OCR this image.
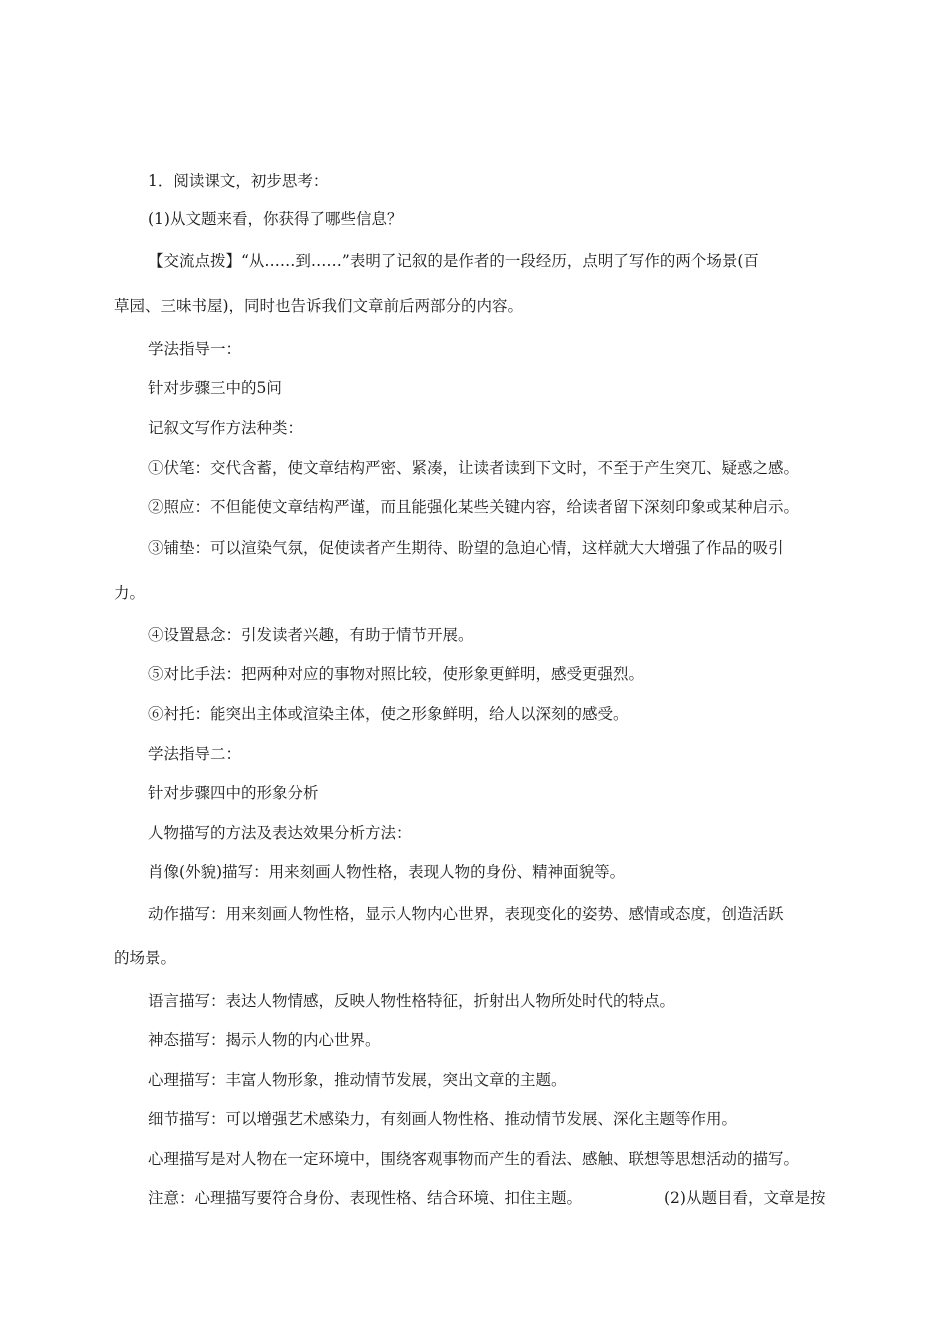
1．阅读课文，初步思考：
(1)从文题来看，你获得了哪些信息？
【交流点拨】“从……到……”表明了记叙的是作者的一段经历，点明了写作的两个场景(百
草园、三味书屋)，同时也告诉我们文章前后两部分的内容。
学法指导一：
针对步骤三中的5问
记叙文写作方法种类：
①伏笔：交代含蓄，使文章结构严密、紧凑，让读者读到下文时，不至于产生突兀、疑惑之感。
②照应：不但能使文章结构严谨，而且能强化某些关键内容，给读者留下深刻印象或某种启示。
③铺垫：可以渲染气氛，促使读者产生期待、盼望的急迫心情，这样就大大增强了作品的吸引
力。
④设置悬念：引发读者兴趣，有助于情节开展。
⑤对比手法：把两种对应的事物对照比较，使形象更鲜明，感受更强烈。
⑥衬托：能突出主体或渲染主体，使之形象鲜明，给人以深刻的感受。
学法指导二：
针对步骤四中的形象分析
人物描写的方法及表达效果分析方法：
肖像(外貌)描写：用来刻画人物性格，表现人物的身份、精神面貌等。
动作描写：用来刻画人物性格，显示人物内心世界，表现变化的姿势、感情或态度，创造活跃
的场景。
语言描写：表达人物情感，反映人物性格特征，折射出人物所处时代的特点。
神态描写：揭示人物的内心世界。
心理描写：丰富人物形象，推动情节发展，突出文章的主题。
细节描写：可以增强艺术感染力，有刻画人物性格、推动情节发展、深化主题等作用。
心理描写是对人物在一定环境中，围绕客观事物而产生的看法、感触、联想等思想活动的描写。
注意：心理描写要符合身份、表现性格、结合环境、扣住主题。	(2)从题目看，文章是按
